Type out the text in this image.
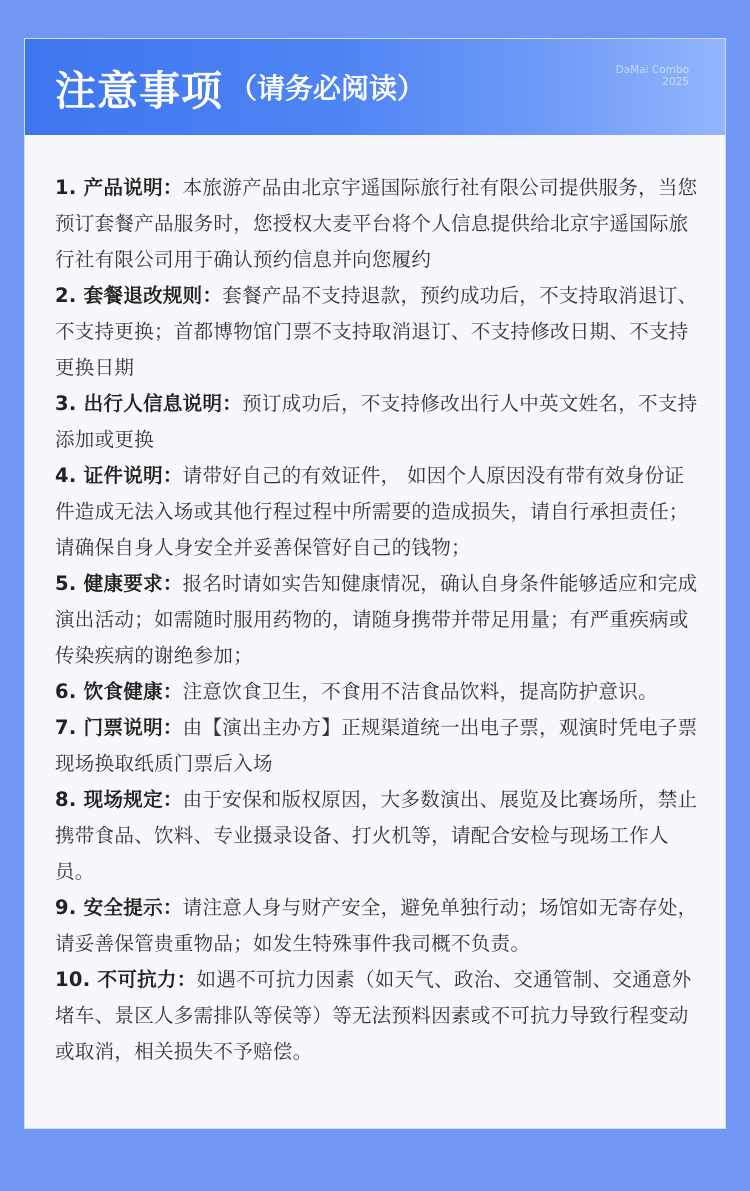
注意事项 （请务必阅读）
DaMai Combo
2025
1. 产品说明：本旅游产品由北京宇遥国际旅行社有限公司提供服务，当您预订套餐产品服务时，您授权大麦平台将个人信息提供给北京宇遥国际旅行社有限公司用于确认预约信息并向您履约
2. 套餐退改规则：套餐产品不支持退款，预约成功后，不支持取消退订、不支持更换；首都博物馆门票不支持取消退订、不支持修改日期、不支持更换日期
3. 出行人信息说明：预订成功后，不支持修改出行人中英文姓名，不支持添加或更换
4. 证件说明：请带好自己的有效证件， 如因个人原因没有带有效身份证件造成无法入场或其他行程过程中所需要的造成损失，请自行承担责任；请确保自身人身安全并妥善保管好自己的钱物；
5. 健康要求：报名时请如实告知健康情况，确认自身条件能够适应和完成演出活动；如需随时服用药物的，请随身携带并带足用量；有严重疾病或传染疾病的谢绝参加；
6. 饮食健康：注意饮食卫生，不食用不洁食品饮料，提高防护意识。
7. 门票说明：由【演出主办方】正规渠道统一出电子票，观演时凭电子票现场换取纸质门票后入场
8. 现场规定：由于安保和版权原因，大多数演出、展览及比赛场所，禁止携带食品、饮料、专业摄录设备、打火机等，请配合安检与现场工作人员。
9. 安全提示：请注意人身与财产安全，避免单独行动；场馆如无寄存处，请妥善保管贵重物品；如发生特殊事件我司概不负责。
10. 不可抗力：如遇不可抗力因素（如天气、政治、交通管制、交通意外堵车、景区人多需排队等侯等）等无法预料因素或不可抗力导致行程变动或取消，相关损失不予赔偿。
